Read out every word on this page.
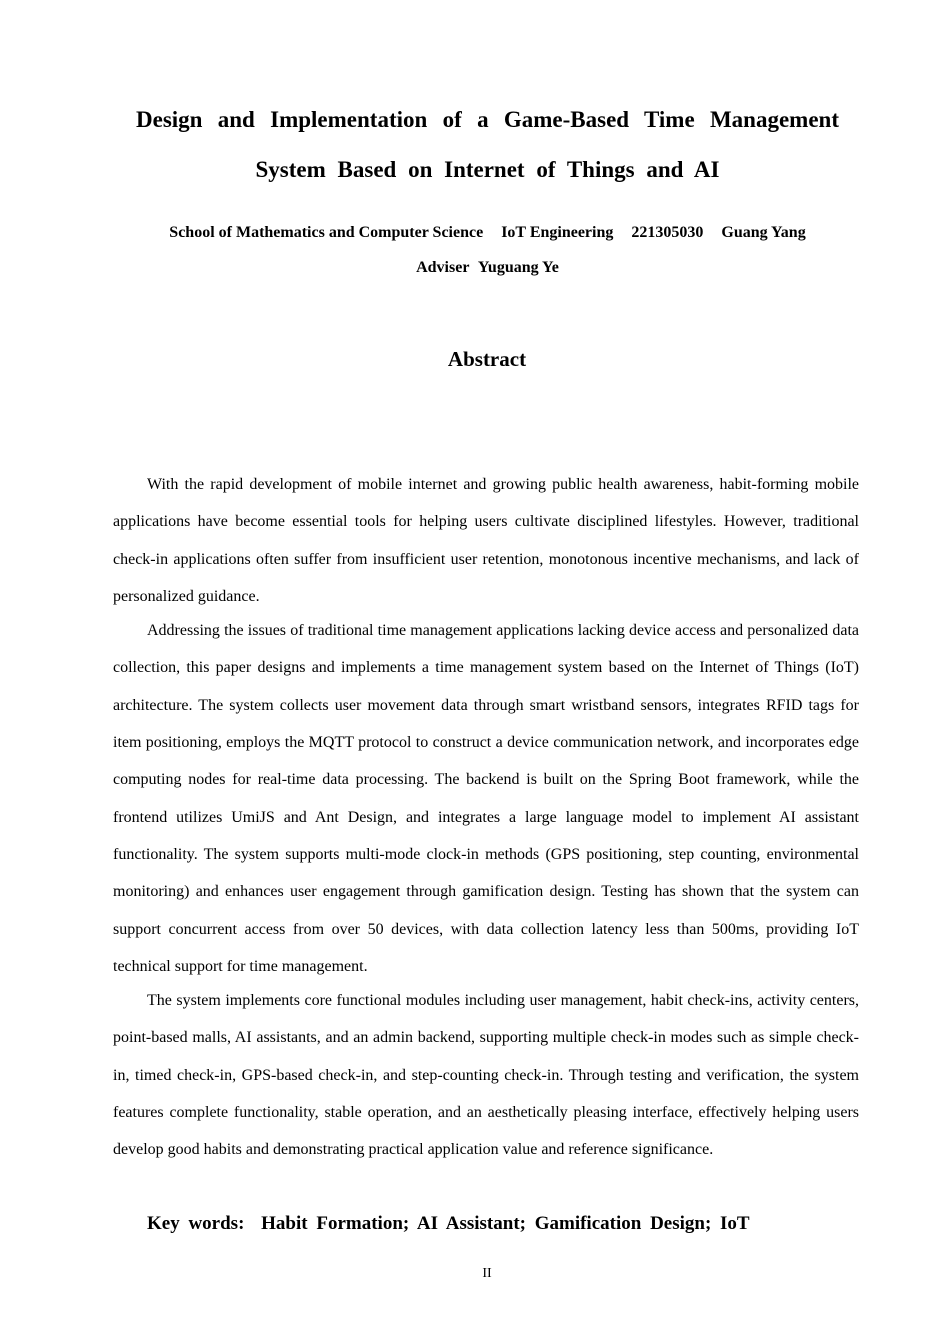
Design and Implementation of a Game-Based Time Management
System Based on Internet of Things and AI
School of Mathematics and Computer Science IoT Engineering 221305030 Guang Yang
Adviser Yuguang Ye
Abstract

With the rapid development of mobile internet and growing public health awareness, habit-forming mobile applications have become essential tools for helping users cultivate disciplined lifestyles. However, traditional check-in applications often suffer from insufficient user retention, monotonous incentive mechanisms, and lack of personalized guidance.

Addressing the issues of traditional time management applications lacking device access and personalized data collection, this paper designs and implements a time management system based on the Internet of Things (IoT) architecture. The system collects user movement data through smart wristband sensors, integrates RFID tags for item positioning, employs the MQTT protocol to construct a device communication network, and incorporates edge computing nodes for real-time data processing. The backend is built on the Spring Boot framework, while the frontend utilizes UmiJS and Ant Design, and integrates a large language model to implement AI assistant functionality. The system supports multi-mode clock-in methods (GPS positioning, step counting, environmental monitoring) and enhances user engagement through gamification design. Testing has shown that the system can support concurrent access from over 50 devices, with data collection latency less than 500ms, providing IoT technical support for time management.

The system implements core functional modules including user management, habit check-ins, activity centers, point-based malls, AI assistants, and an admin backend, supporting multiple check-in modes such as simple check-in, timed check-in, GPS-based check-in, and step-counting check-in. Through testing and verification, the system features complete functionality, stable operation, and an aesthetically pleasing interface, effectively helping users develop good habits and demonstrating practical application value and reference significance.

Key words: Habit Formation; AI Assistant; Gamification Design; IoT
II
